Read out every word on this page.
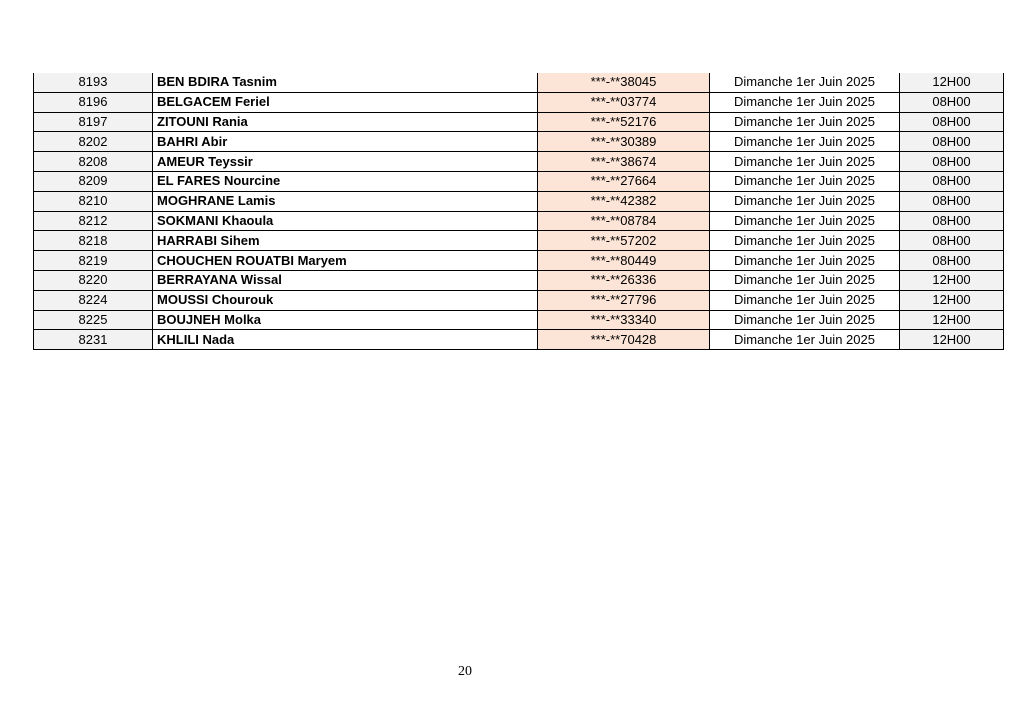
8193	BEN BDIRA Tasnim	***-**38045	Dimanche 1er Juin 2025	12H00
8196	BELGACEM Feriel	***-**03774	Dimanche 1er Juin 2025	08H00
8197	ZITOUNI Rania	***-**52176	Dimanche 1er Juin 2025	08H00
8202	BAHRI Abir	***-**30389	Dimanche 1er Juin 2025	08H00
8208	AMEUR Teyssir	***-**38674	Dimanche 1er Juin 2025	08H00
8209	EL FARES Nourcine	***-**27664	Dimanche 1er Juin 2025	08H00
8210	MOGHRANE Lamis	***-**42382	Dimanche 1er Juin 2025	08H00
8212	SOKMANI Khaoula	***-**08784	Dimanche 1er Juin 2025	08H00
8218	HARRABI Sihem	***-**57202	Dimanche 1er Juin 2025	08H00
8219	CHOUCHEN ROUATBI Maryem	***-**80449	Dimanche 1er Juin 2025	08H00
8220	BERRAYANA Wissal	***-**26336	Dimanche 1er Juin 2025	12H00
8224	MOUSSI Chourouk	***-**27796	Dimanche 1er Juin 2025	12H00
8225	BOUJNEH Molka	***-**33340	Dimanche 1er Juin 2025	12H00
8231	KHLILI Nada	***-**70428	Dimanche 1er Juin 2025	12H00
20
